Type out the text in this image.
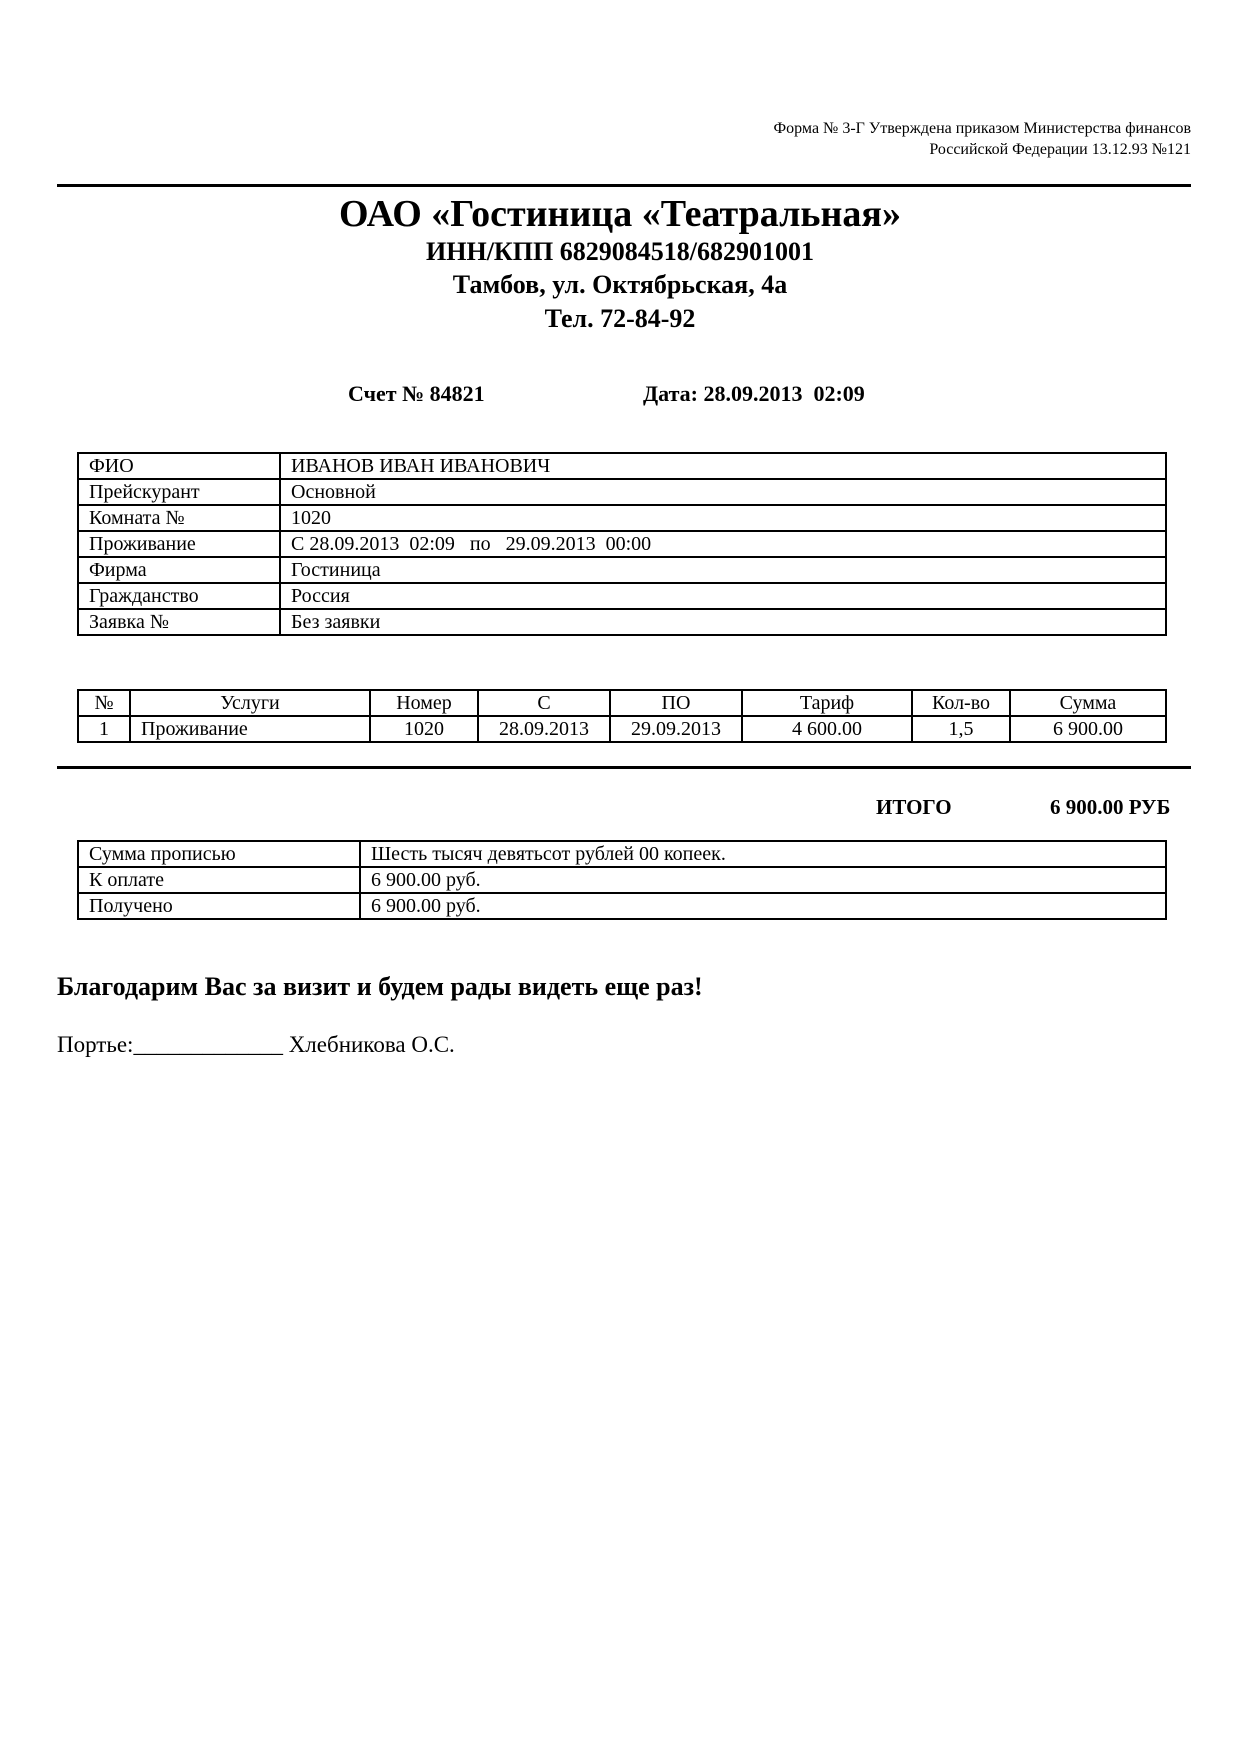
Форма № 3-Г Утверждена приказом Министерства финансов
Российской Федерации 13.12.93 №121
ОАО «Гостиница «Театральная»
ИНН/КПП 6829084518/682901001
Тамбов, ул. Октябрьская, 4а
Тел. 72-84-92
Счет № 84821	Дата: 28.09.2013  02:09
ФИО	ИВАНОВ ИВАН ИВАНОВИЧ
Прейскурант	Основной
Комната №	1020
Проживание	С 28.09.2013  02:09   по   29.09.2013  00:00
Фирма	Гостиница
Гражданство	Россия
Заявка №	Без заявки
№	Услуги	Номер	С	ПО	Тариф	Кол-во	Сумма
1	Проживание	1020	28.09.2013	29.09.2013	4 600.00	1,5	6 900.00
ИТОГО	6 900.00 РУБ
Сумма прописью	Шесть тысяч девятьсот рублей 00 копеек.
К оплате	6 900.00 руб.
Получено	6 900.00 руб.
Благодарим Вас за визит и будем рады видеть еще раз!
Портье:_____________ Хлебникова О.С.
